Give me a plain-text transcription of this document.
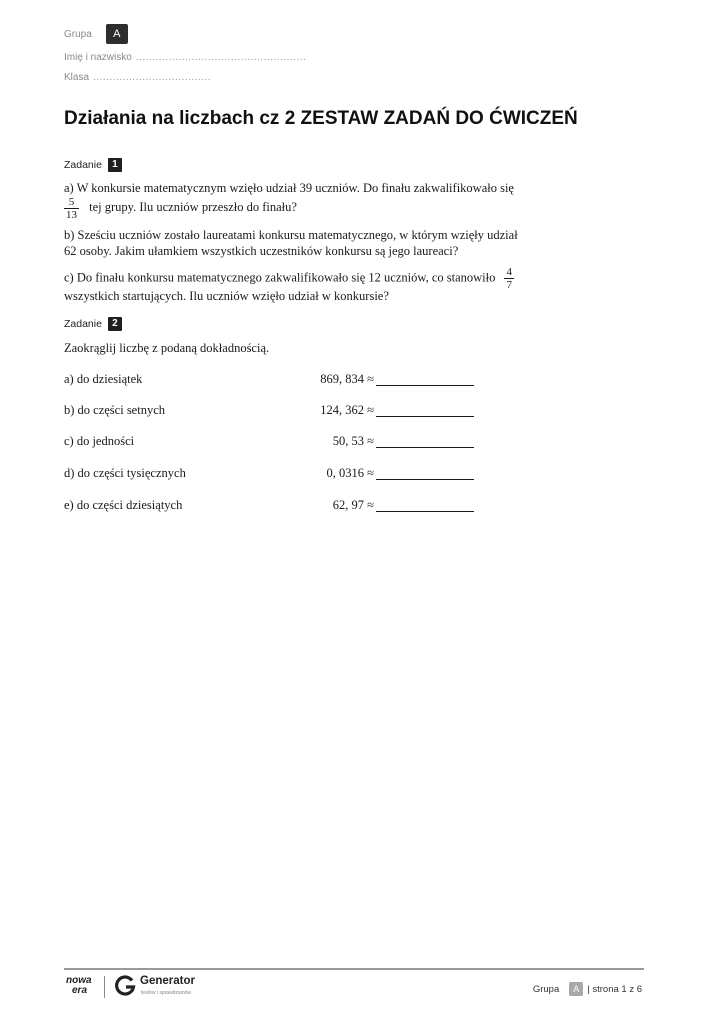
Grupa	A
Imię i nazwisko ....................................................
Klasa ....................................
Działania na liczbach cz 2 ZESTAW ZADAŃ DO ĆWICZEŃ
Zadanie	1
a) W konkursie matematycznym wzięło udział 39 uczniów. Do finału zakwalifikowało się
$\frac{5}{13}$ tej grupy. Ilu uczniów przeszło do finału?
b) Sześciu uczniów zostało laureatami konkursu matematycznego, w którym wzięły udział
62 osoby. Jakim ułamkiem wszystkich uczestników konkursu są jego laureaci?
c) Do finału konkursu matematycznego zakwalifikowało się 12 uczniów, co stanowiło $\frac{4}{7}$
wszystkich startujących. Ilu uczniów wzięło udział w konkursie?
Zadanie	2
Zaokrąglij liczbę z podaną dokładnością.
a) do dziesiątek	869, 834 ≈
b) do części setnych	124, 362 ≈
c) do jedności	50, 53 ≈
d) do części tysięcznych	0, 0316 ≈
e) do części dziesiątych	62, 97 ≈
nowa
era
Generator
testów i sprawdzianów	Grupa	A | strona 1 z 6
